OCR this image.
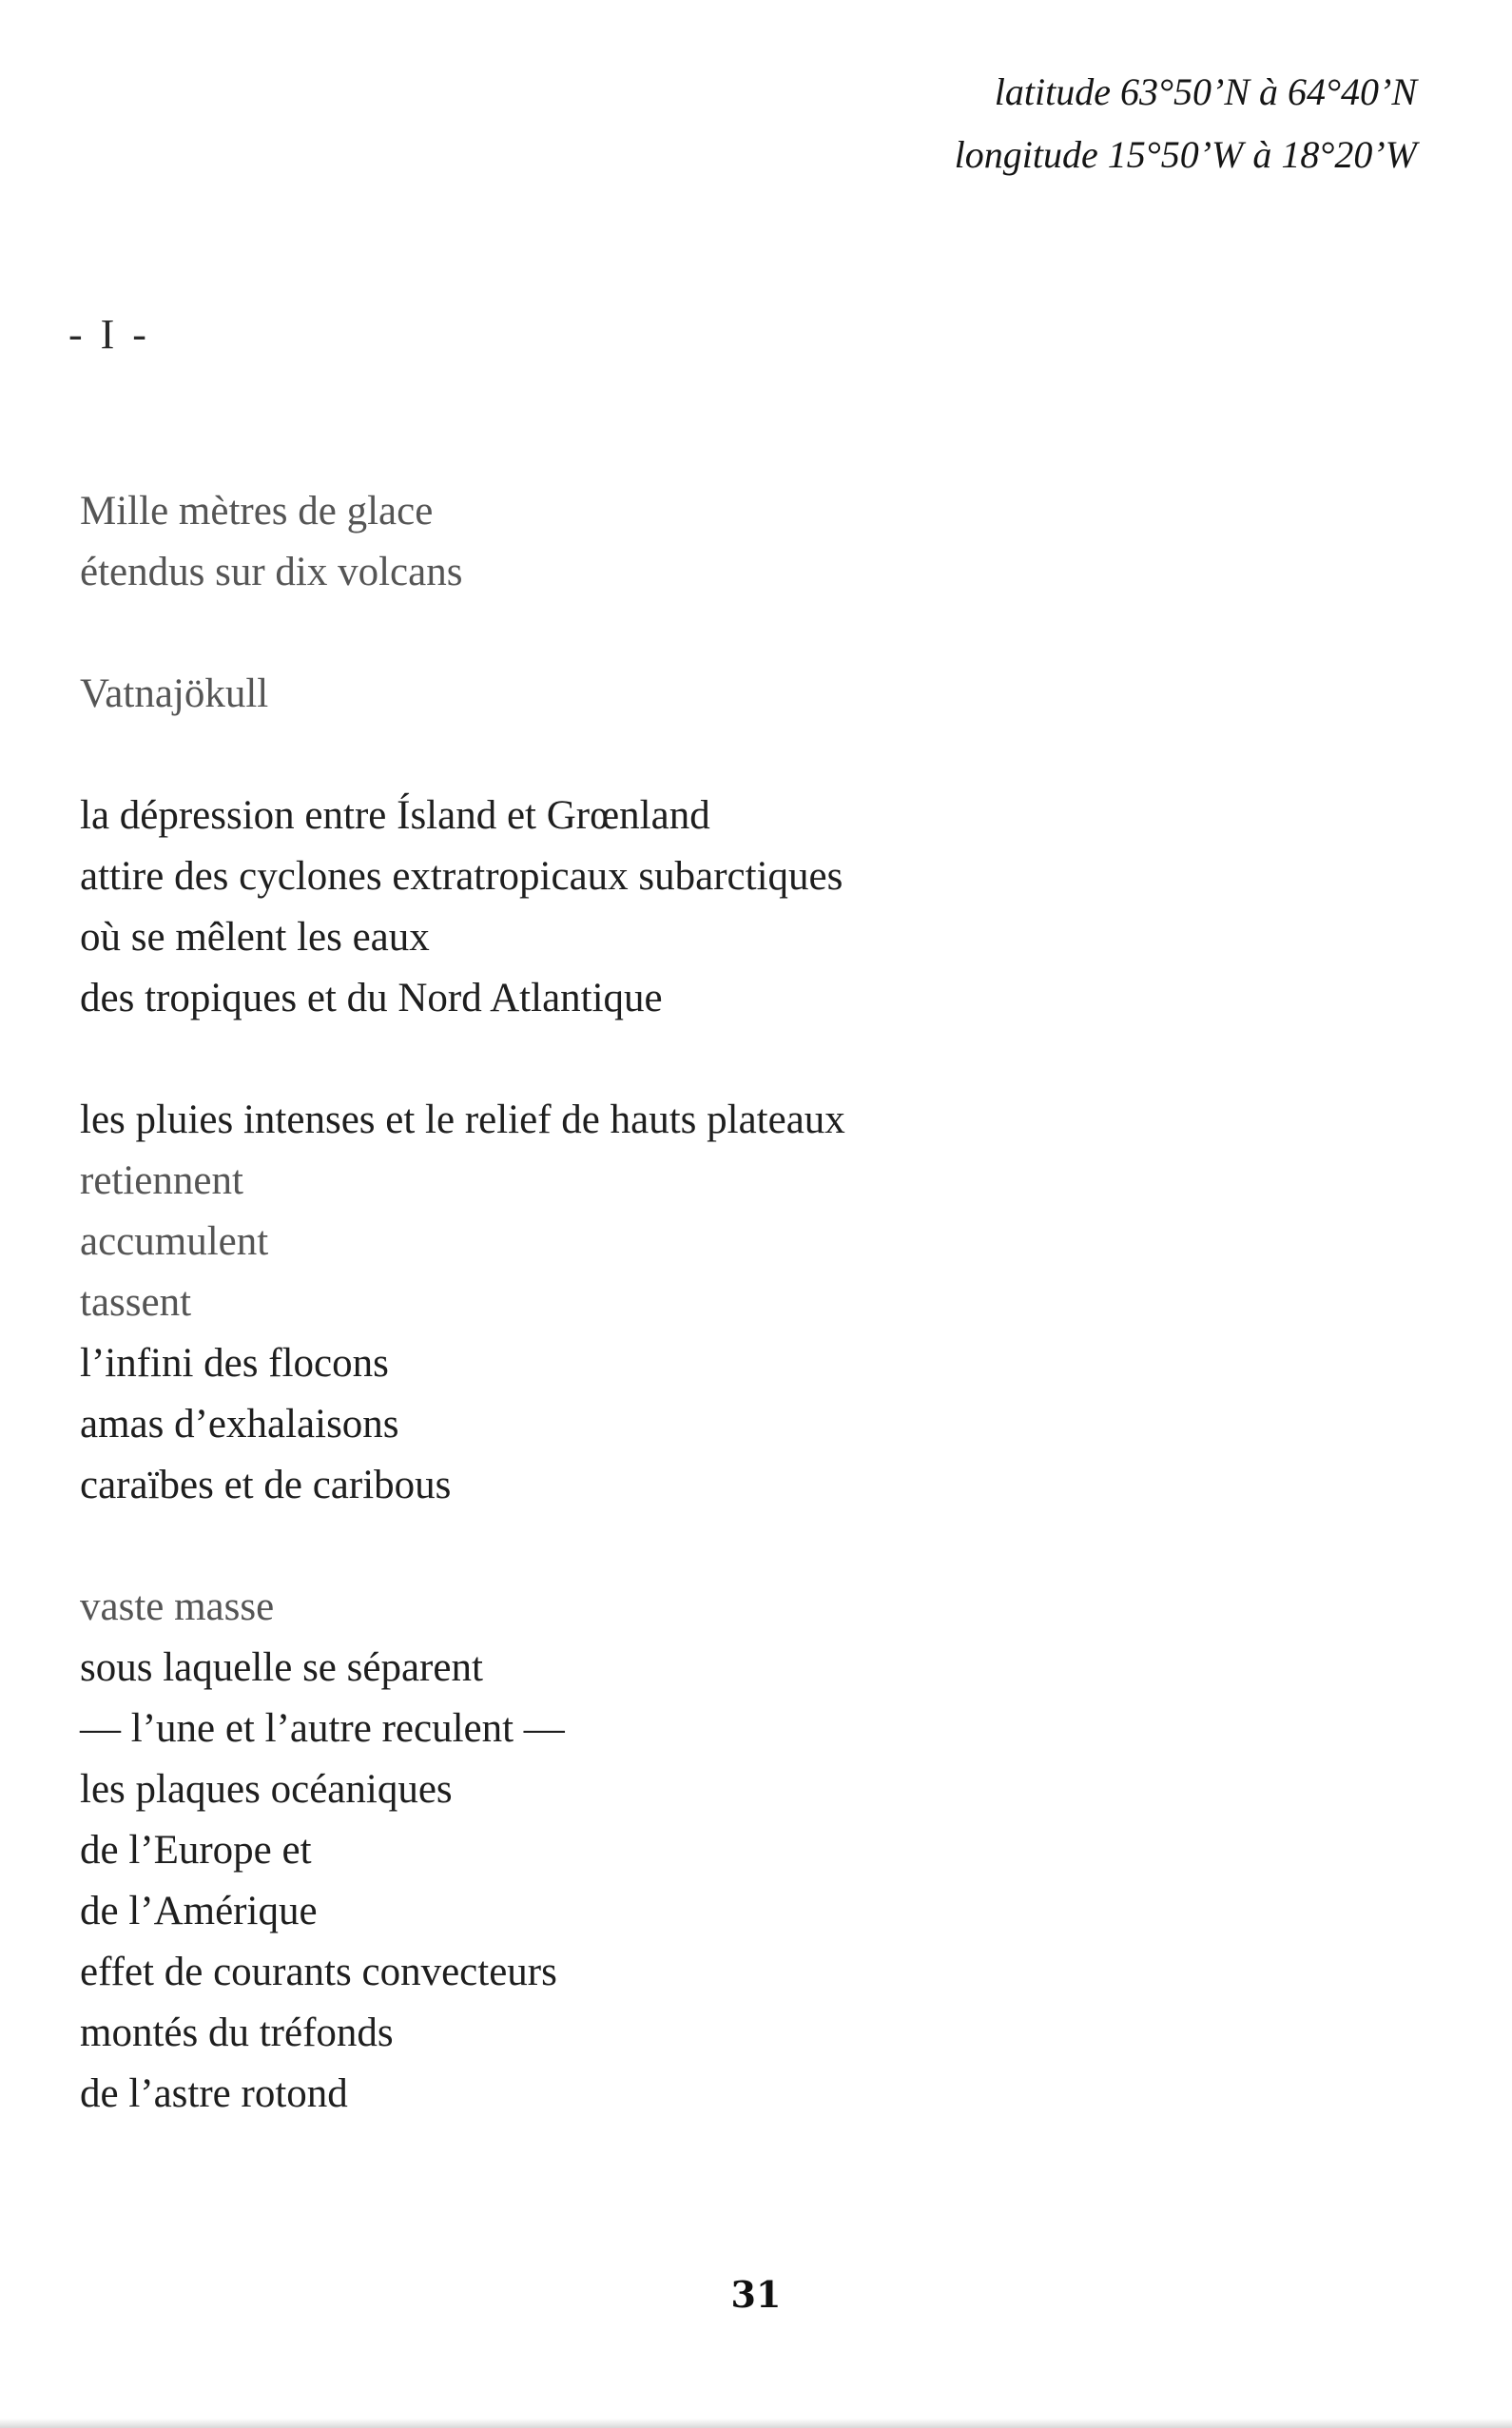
latitude 63°50’N à 64°40’N
longitude 15°50’W à 18°20’W
- I -
Mille mètres de glace
étendus sur dix volcans
Vatnajökull
la dépression entre Ísland et Grœnland
attire des cyclones extratropicaux subarctiques
où se mêlent les eaux
des tropiques et du Nord Atlantique
les pluies intenses et le relief de hauts plateaux
retiennent
accumulent
tassent
l’infini des flocons
amas d’exhalaisons
caraïbes et de caribous
vaste masse
sous laquelle se séparent
— l’une et l’autre reculent —
les plaques océaniques
de l’Europe et
de l’Amérique
effet de courants convecteurs
montés du tréfonds
de l’astre rotond
31
